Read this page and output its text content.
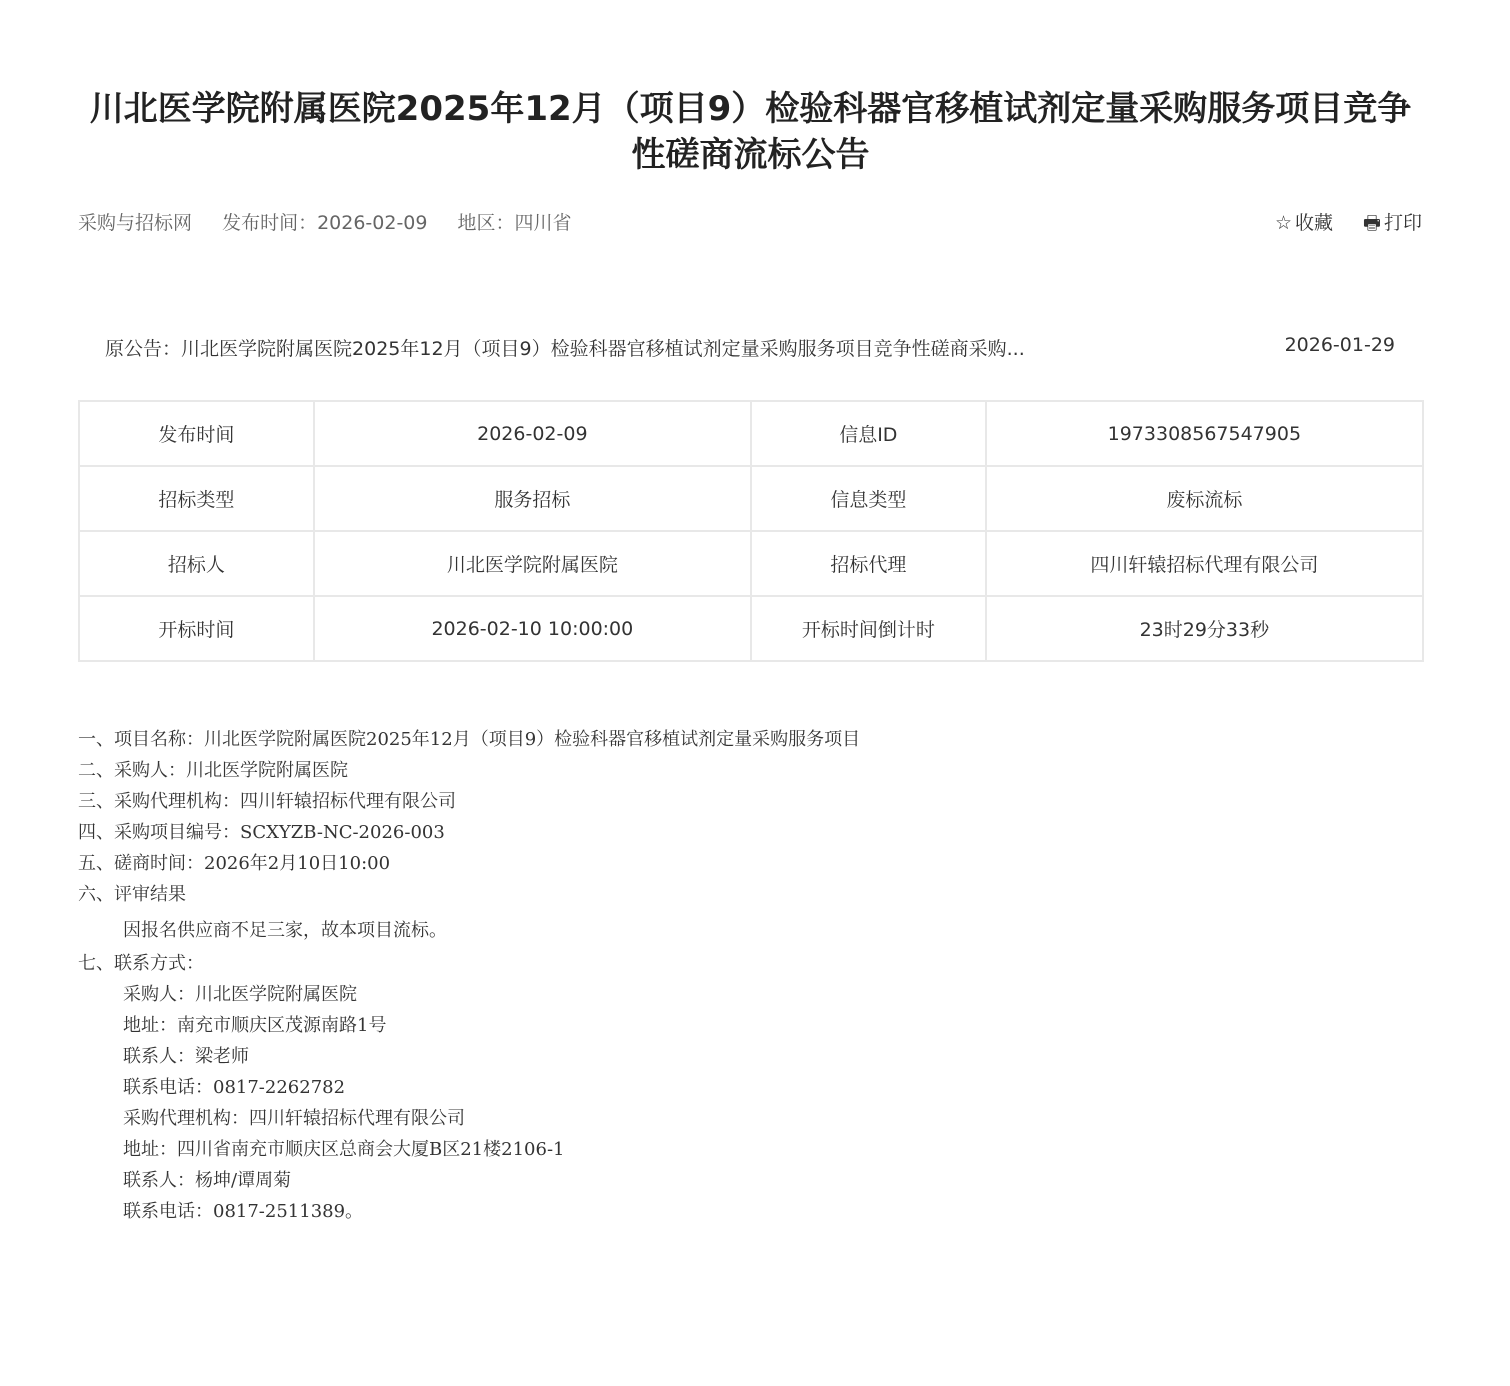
川北医学院附属医院2025年12月（项目9）检验科器官移植试剂定量采购服务项目竞争性磋商流标公告
采购与招标网 发布时间：2026-02-09 地区：四川省	☆ 收藏 🖶 打印
原公告：川北医学院附属医院2025年12月（项目9）检验科器官移植试剂定量采购服务项目竞争性磋商采购...	2026-01-29
发布时间	2026-02-09	信息ID	1973308567547905
招标类型	服务招标	信息类型	废标流标
招标人	川北医学院附属医院	招标代理	四川轩辕招标代理有限公司
开标时间	2026-02-10 10:00:00	开标时间倒计时	23时29分33秒
一、项目名称：川北医学院附属医院2025年12月（项目9）检验科器官移植试剂定量采购服务项目
二、采购人：川北医学院附属医院
三、采购代理机构：四川轩辕招标代理有限公司
四、采购项目编号：SCXYZB-NC-2026-003
五、磋商时间：2026年2月10日10:00
六、评审结果
因报名供应商不足三家，故本项目流标。
七、联系方式：
采购人：川北医学院附属医院
地址：南充市顺庆区茂源南路1号
联系人：梁老师
联系电话：0817-2262782
采购代理机构：四川轩辕招标代理有限公司
地址：四川省南充市顺庆区总商会大厦B区21楼2106-1
联系人：杨坤/谭周菊
联系电话：0817-2511389。
